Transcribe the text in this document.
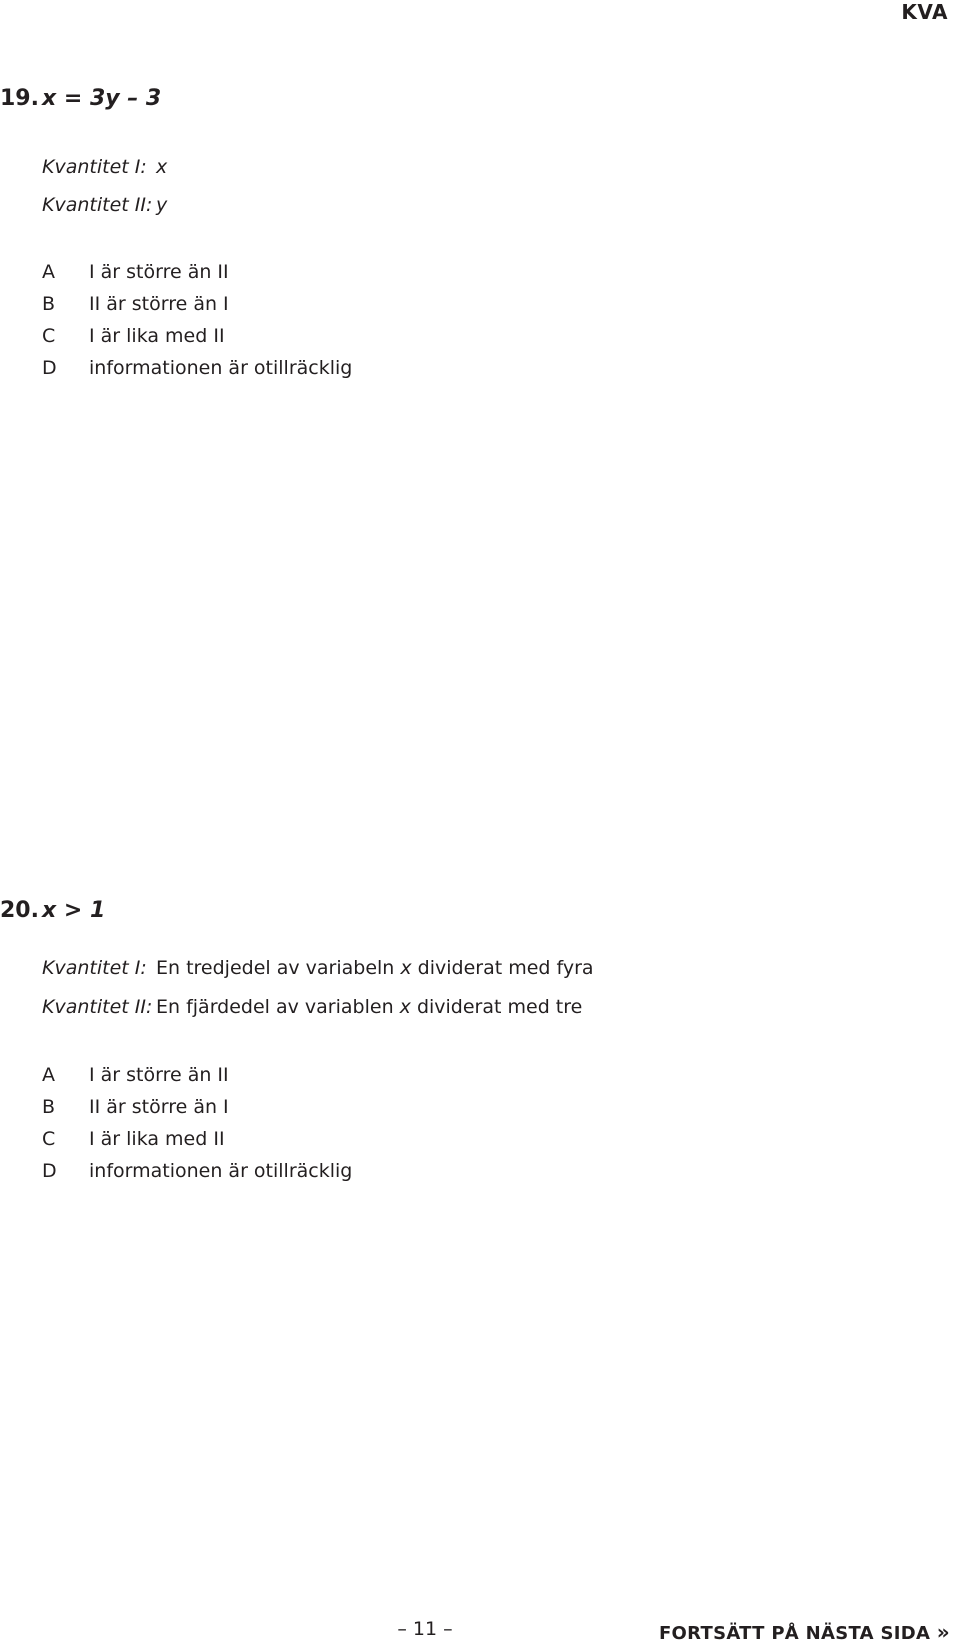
KVA
19. x = 3y – 3
Kvantitet I: x
Kvantitet II: y
A I är större än II
B II är större än I
C I är lika med II
D informationen är otillräcklig
20. x > 1
Kvantitet I: En tredjedel av variabeln x dividerat med fyra
Kvantitet II: En fjärdedel av variablen x dividerat med tre
A I är större än II
B II är större än I
C I är lika med II
D informationen är otillräcklig
– 11 –	FORTSÄTT PÅ NÄSTA SIDA »
